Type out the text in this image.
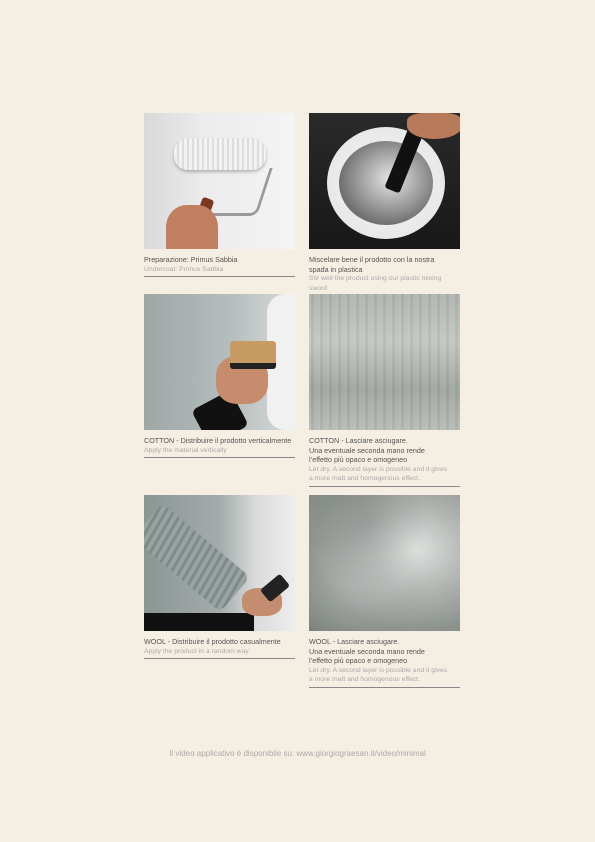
Preparazione: Primus Sabbia
Undercoat: Primus Sabbia
Miscelare bene il prodotto con la nostra
spada in plastica
Stir well the product using our plastic mixing sword
COTTON - Distribuire il prodotto verticalmente
Apply the material vertically
COTTON - Lasciare asciugare.
Una eventuale seconda mano rende
l’effetto più opaco e omogeneo
Let dry. A second layer is possible and it gives
a more matt and homogenous effect.
WOOL - Distribuire il prodotto casualmente
Apply the product in a random way
WOOL - Lasciare asciugare.
Una eventuale seconda mano rende
l’effetto più opaco e omogeneo
Let dry. A second layer is possible and it gives
a more matt and homogenous effect.
Il video applicativo è disponibile su: www.giorgiograesan.it/video/minimal
